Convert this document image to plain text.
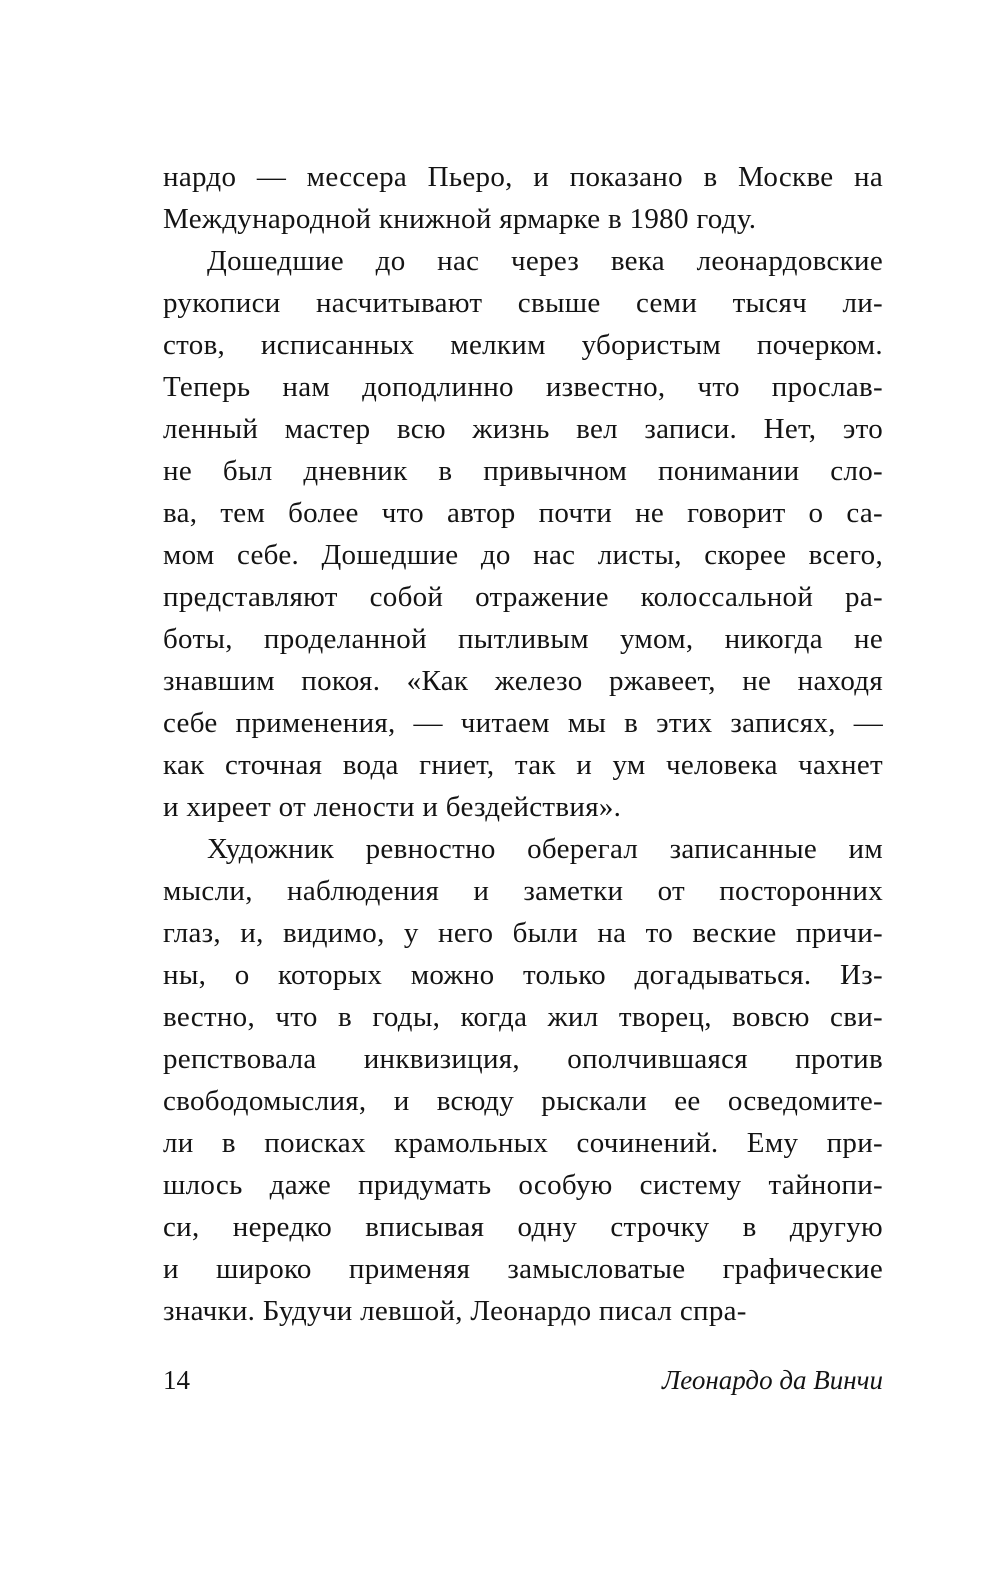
нардо — мессера Пьеро, и показано в Москве на
Международной книжной ярмарке в 1980 году.
Дошедшие до нас через века леонардовские
рукописи насчитывают свыше семи тысяч ли-
стов, исписанных мелким убористым почерком.
Теперь нам доподлинно известно, что прослав-
ленный мастер всю жизнь вел записи. Нет, это
не был дневник в привычном понимании сло-
ва, тем более что автор почти не говорит о са-
мом себе. Дошедшие до нас листы, скорее всего,
представляют собой отражение колоссальной ра-
боты, проделанной пытливым умом, никогда не
знавшим покоя. «Как железо ржавеет, не находя
себе применения, — читаем мы в этих записях, —
как сточная вода гниет, так и ум человека чахнет
и хиреет от лености и бездействия».
Художник ревностно оберегал записанные им
мысли, наблюдения и заметки от посторонних
глаз, и, видимо, у него были на то веские причи-
ны, о которых можно только догадываться. Из-
вестно, что в годы, когда жил творец, вовсю сви-
репствовала инквизиция, ополчившаяся против
свободомыслия, и всюду рыскали ее осведомите-
ли в поисках крамольных сочинений. Ему при-
шлось даже придумать особую систему тайнопи-
си, нередко вписывая одну строчку в другую
и широко применяя замысловатые графические
значки. Будучи левшой, Леонардо писал спра-
14	Леонардо да Винчи
